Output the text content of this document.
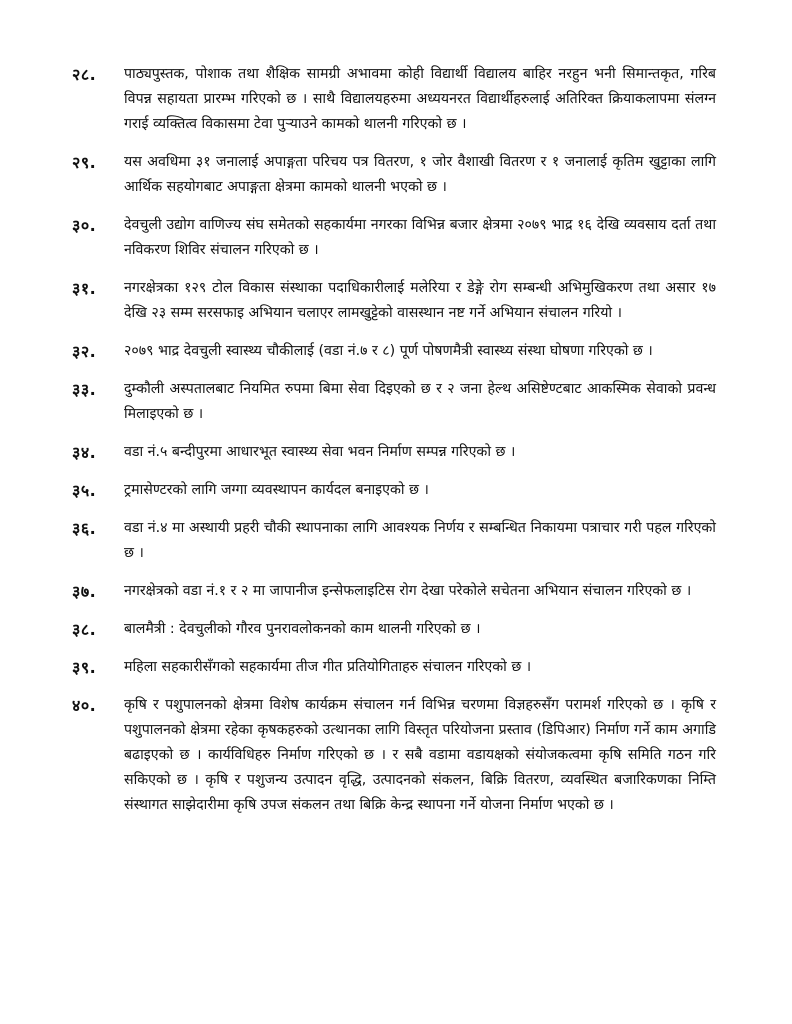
२८.	पाठ्यपुस्तक, पोशाक तथा शैक्षिक सामग्री अभावमा कोही विद्यार्थी विद्यालय बाहिर नरहुन भनी सिमान्तकृत, गरिब विपन्न सहायता प्रारम्भ गरिएको छ । साथै विद्यालयहरुमा अध्ययनरत विद्यार्थीहरुलाई अतिरिक्त क्रियाकलापमा संलग्न गराई व्यक्तित्व विकासमा टेवा पुऱ्याउने कामको थालनी गरिएको छ ।
२९.	यस अवधिमा ३१ जनालाई अपाङ्गता परिचय पत्र वितरण, १ जोर वैशाखी वितरण र १ जनालाई कृतिम खुट्टाका लागि आर्थिक सहयोगबाट अपाङ्गता क्षेत्रमा कामको थालनी भएको छ ।
३०.	देवचुली उद्योग वाणिज्य संघ समेतको सहकार्यमा नगरका विभिन्न बजार क्षेत्रमा २०७९ भाद्र १६ देखि व्यवसाय दर्ता तथा नविकरण शिविर संचालन गरिएको छ ।
३१.	नगरक्षेत्रका १२९ टोल विकास संस्थाका पदाधिकारीलाई मलेरिया र डेङ्गे रोग सम्बन्धी अभिमुखिकरण तथा असार १७ देखि २३ सम्म सरसफाइ अभियान चलाएर लामखुट्टेको वासस्थान नष्ट गर्ने अभियान संचालन गरियो ।
३२.	२०७९ भाद्र देवचुली स्वास्थ्य चौकीलाई (वडा नं.७ र ८) पूर्ण पोषणमैत्री स्वास्थ्य संस्था घोषणा गरिएको छ ।
३३.	दुम्कौली अस्पतालबाट नियमित रुपमा बिमा सेवा दिइएको छ र २ जना हेल्थ असिष्टेण्टबाट आकस्मिक सेवाको प्रवन्ध मिलाइएको छ ।
३४.	वडा नं.५ बन्दीपुरमा आधारभूत स्वास्थ्य सेवा भवन निर्माण सम्पन्न गरिएको छ ।
३५.	ट्रमासेण्टरको लागि जग्गा व्यवस्थापन कार्यदल बनाइएको छ ।
३६.	वडा नं.४ मा अस्थायी प्रहरी चौकी स्थापनाका लागि आवश्यक निर्णय र सम्बन्धित निकायमा पत्राचार गरी पहल गरिएको छ ।
३७.	नगरक्षेत्रको वडा नं.१ र २ मा जापानीज इन्सेफलाइटिस रोग देखा परेकोले सचेतना अभियान संचालन गरिएको छ ।
३८.	बालमैत्री : देवचुलीको गौरव पुनरावलोकनको काम थालनी गरिएको छ ।
३९.	महिला सहकारीसँगको सहकार्यमा तीज गीत प्रतियोगिताहरु संचालन गरिएको छ ।
४०.	कृषि र पशुपालनको क्षेत्रमा विशेष कार्यक्रम संचालन गर्न विभिन्न चरणमा विज्ञहरुसँग परामर्श गरिएको छ । कृषि र पशुपालनको क्षेत्रमा रहेका कृषकहरुको उत्थानका लागि विस्तृत परियोजना प्रस्ताव (डिपिआर) निर्माण गर्ने काम अगाडि बढाइएको छ । कार्यविधिहरु निर्माण गरिएको छ । र सबै वडामा वडायक्षको संयोजकत्वमा कृषि समिति गठन गरि सकिएको छ । कृषि र पशुजन्य उत्पादन वृद्धि, उत्पादनको संकलन, बिक्रि वितरण, व्यवस्थित बजारिकणका निम्ति संस्थागत साझेदारीमा कृषि उपज संकलन तथा बिक्रि केन्द्र स्थापना गर्ने योजना निर्माण भएको छ ।
